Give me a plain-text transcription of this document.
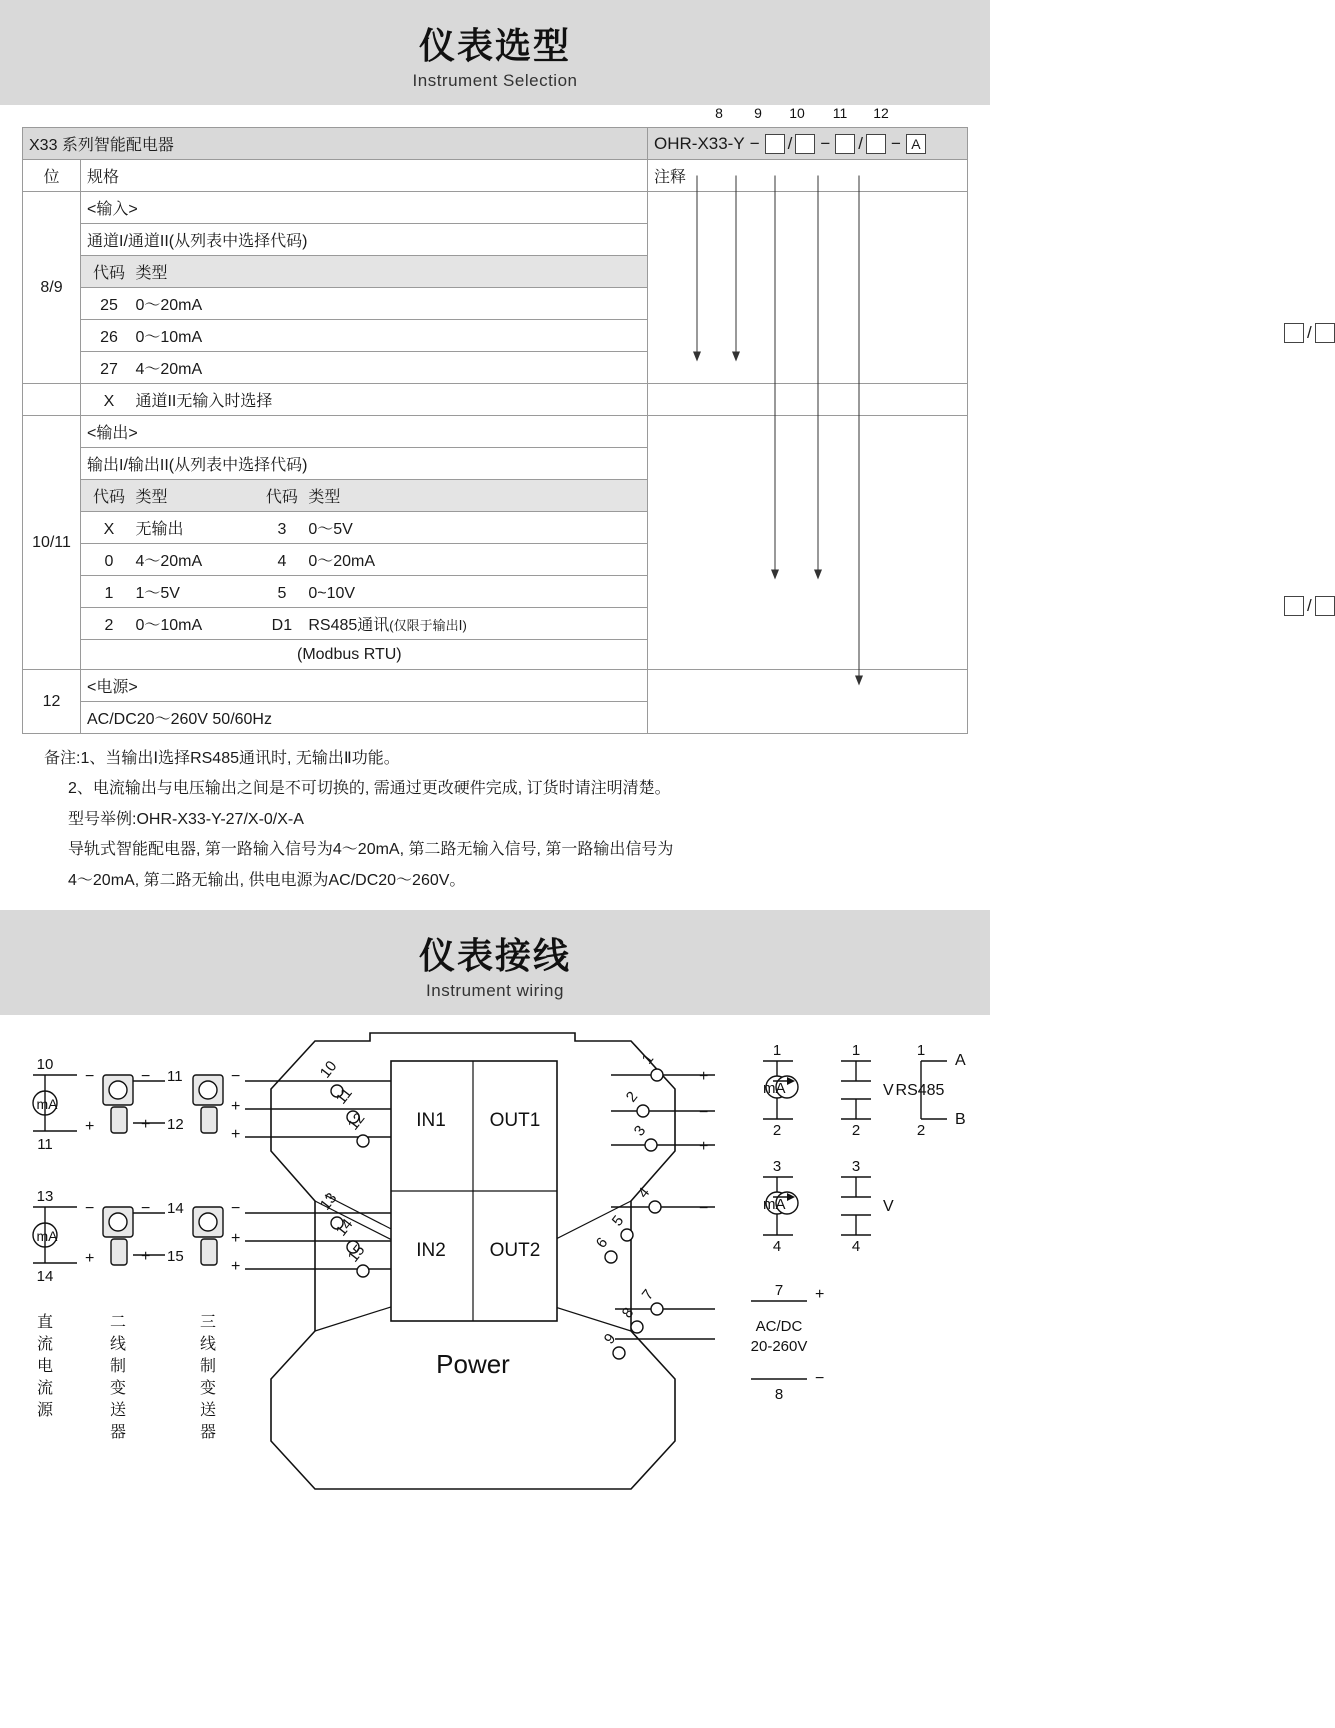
仪表选型
Instrument Selection
8 9 10 11 12
X33 系列智能配电器	OHR-X33-Y − / − / − A

位	规格	注释
8/9	<输入>	/

	通道I/通道II(从列表中选择代码)	
	代码 类型	
	25 0～20mA	
	26 0～10mA	
	27 4～20mA	
	X 通道II无输入时选择	
10/11	<输出>	/

	输出I/输出II(从列表中选择代码)	
	代码 类型 代码 类型	
	X 无输出 3 0～5V	
	0 4～20mA 4 0～20mA	
	1 1～5V 5 0~10V	
	2 0～10mA D1 RS485通讯(仅限于输出Ⅰ)	
	(Modbus RTU)	
12	<电源>	
	AC/DC20～260V 50/60Hz	
备注:1、当输出Ⅰ选择RS485通讯时, 无输出Ⅱ功能。
2、电流输出与电压输出之间是不可切换的, 需通过更改硬件完成, 订货时请注明清楚。
型号举例:OHR-X33-Y-27/X-0/X-A
导轨式智能配电器, 第一路输入信号为4～20mA, 第二路无输入信号, 第一路输出信号为
4～20mA, 第二路无输出, 供电电源为AC/DC20～260V。
仪表接线
Instrument wiring
IN1
IN2
OUT1
OUT2
Power
10
11
12
13
14
15
1
2
3
4
5
6
7
8
9
10
11
mA
−
+
13
14
mA
−
+
− 11
+ 12
− 14
+ 15
−
+
+
−
+
+
+
−
+
−
1
2
mA
1
2
V
1
2
RS485
A
B
3
4
mA
3
4
V
7
8
+
−
AC/DC
20-260V
直流电流源
二线制变送器
三线制变送器
